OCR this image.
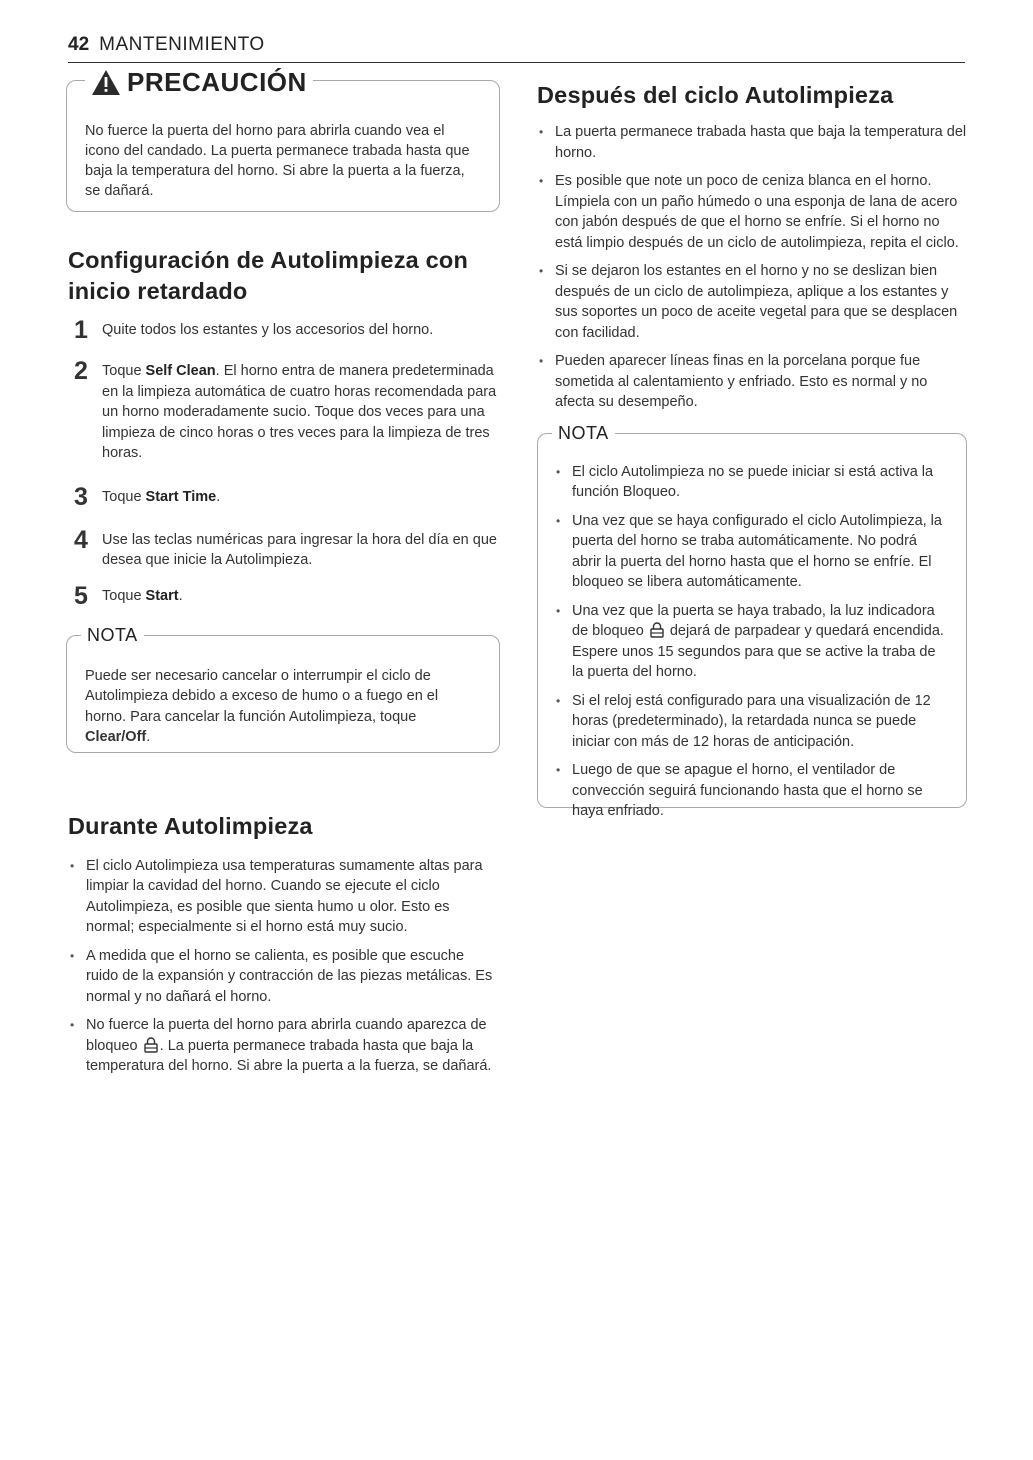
42 MANTENIMIENTO
PRECAUCIÓN

No fuerce la puerta del horno para abrirla cuando vea el icono del candado. La puerta permanece trabada hasta que baja la temperatura del horno. Si abre la puerta a la fuerza, se dañará.

Configuración de Autolimpieza con inicio retardado
1 Quite todos los estantes y los accesorios del horno.
2 Toque Self Clean. El horno entra de manera predeterminada en la limpieza automática de cuatro horas recomendada para un horno moderadamente sucio. Toque dos veces para una limpieza de cinco horas o tres veces para la limpieza de tres horas.
3 Toque Start Time.
4 Use las teclas numéricas para ingresar la hora del día en que desea que inicie la Autolimpieza.
5 Toque Start.
NOTA

Puede ser necesario cancelar o interrumpir el ciclo de Autolimpieza debido a exceso de humo o a fuego en el horno. Para cancelar la función Autolimpieza, toque Clear/Off.

Durante Autolimpieza
• El ciclo Autolimpieza usa temperaturas sumamente altas para limpiar la cavidad del horno. Cuando se ejecute el ciclo Autolimpieza, es posible que sienta humo u olor. Esto es normal; especialmente si el horno está muy sucio.
• A medida que el horno se calienta, es posible que escuche ruido de la expansión y contracción de las piezas metálicas. Es normal y no dañará el horno.
• No fuerce la puerta del horno para abrirla cuando aparezca de bloqueo . La puerta permanece trabada hasta que baja la temperatura del horno. Si abre la puerta a la fuerza, se dañará.
Después del ciclo Autolimpieza
• La puerta permanece trabada hasta que baja la temperatura del horno.
• Es posible que note un poco de ceniza blanca en el horno. Límpiela con un paño húmedo o una esponja de lana de acero con jabón después de que el horno se enfríe. Si el horno no está limpio después de un ciclo de autolimpieza, repita el ciclo.
• Si se dejaron los estantes en el horno y no se deslizan bien después de un ciclo de autolimpieza, aplique a los estantes y sus soportes un poco de aceite vegetal para que se desplacen con facilidad.
• Pueden aparecer líneas finas en la porcelana porque fue sometida al calentamiento y enfriado. Esto es normal y no afecta su desempeño.
NOTA
• El ciclo Autolimpieza no se puede iniciar si está activa la función Bloqueo.
• Una vez que se haya configurado el ciclo Autolimpieza, la puerta del horno se traba automáticamente. No podrá abrir la puerta del horno hasta que el horno se enfríe. El bloqueo se libera automáticamente.
• Una vez que la puerta se haya trabado, la luz indicadora de bloqueo  dejará de parpadear y quedará encendida. Espere unos 15 segundos para que se active la traba de la puerta del horno.
• Si el reloj está configurado para una visualización de 12 horas (predeterminado), la retardada nunca se puede iniciar con más de 12 horas de anticipación.
• Luego de que se apague el horno, el ventilador de convección seguirá funcionando hasta que el horno se haya enfriado.
